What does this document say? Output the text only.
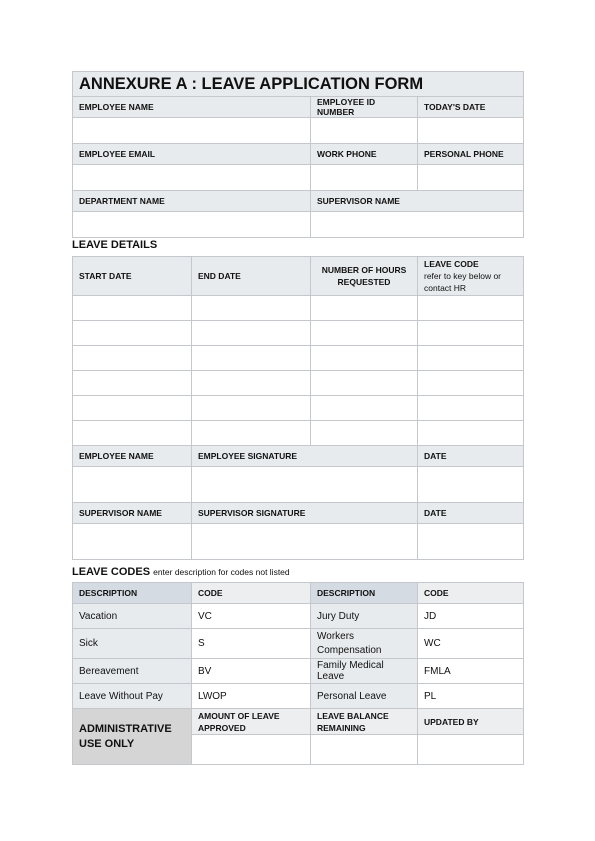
ANNEXURE A : LEAVE APPLICATION FORM		
EMPLOYEE NAME	EMPLOYEE ID NUMBER	TODAY'S DATE

EMPLOYEE EMAIL	WORK PHONE	PERSONAL PHONE

DEPARTMENT NAME	SUPERVISOR NAME	

LEAVE DETAILS
START DATE	END DATE	NUMBER OF HOURS
REQUESTED	LEAVE CODE
refer to key below or contact HR

EMPLOYEE NAME	EMPLOYEE SIGNATURE		DATE

SUPERVISOR NAME	SUPERVISOR SIGNATURE		DATE

LEAVE CODES enter description for codes not listed
DESCRIPTION	CODE	DESCRIPTION	CODE
Vacation	VC	Jury Duty	JD
Sick	S	Workers Compensation	WC
Bereavement	BV	Family Medical Leave	FMLA
Leave Without Pay	LWOP	Personal Leave	PL
ADMINISTRATIVE USE ONLY	AMOUNT OF LEAVE APPROVED	LEAVE BALANCE REMAINING	UPDATED BY
